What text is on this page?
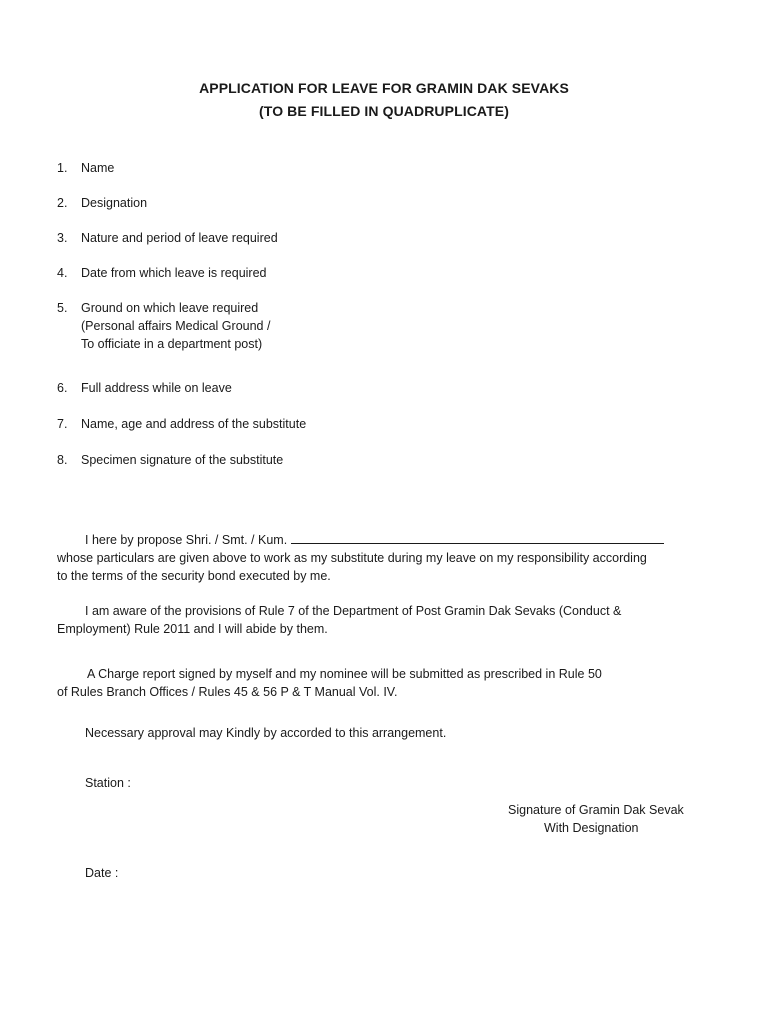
APPLICATION FOR LEAVE FOR GRAMIN DAK SEVAKS
(TO BE FILLED IN QUADRUPLICATE)
1. Name
2. Designation
3. Nature and period of leave required
4. Date from which leave is required
5. Ground on which leave required
(Personal affairs Medical Ground /
To officiate in a department post)
6. Full address while on leave
7. Name, age and address of the substitute
8. Specimen signature of the substitute
I here by propose Shri. / Smt. / Kum.
whose particulars are given above to work as my substitute during my leave on my responsibility according
to the terms of the security bond executed by me.
I am aware of the provisions of Rule 7 of the Department of Post Gramin Dak Sevaks (Conduct &
Employment) Rule 2011 and I will abide by them.
A Charge report signed by myself and my nominee will be submitted as prescribed in Rule 50
of Rules Branch Offices / Rules 45 & 56 P & T Manual Vol. IV.
Necessary approval may Kindly by accorded to this arrangement.
Station :
Signature of Gramin Dak Sevak
With Designation
Date :
